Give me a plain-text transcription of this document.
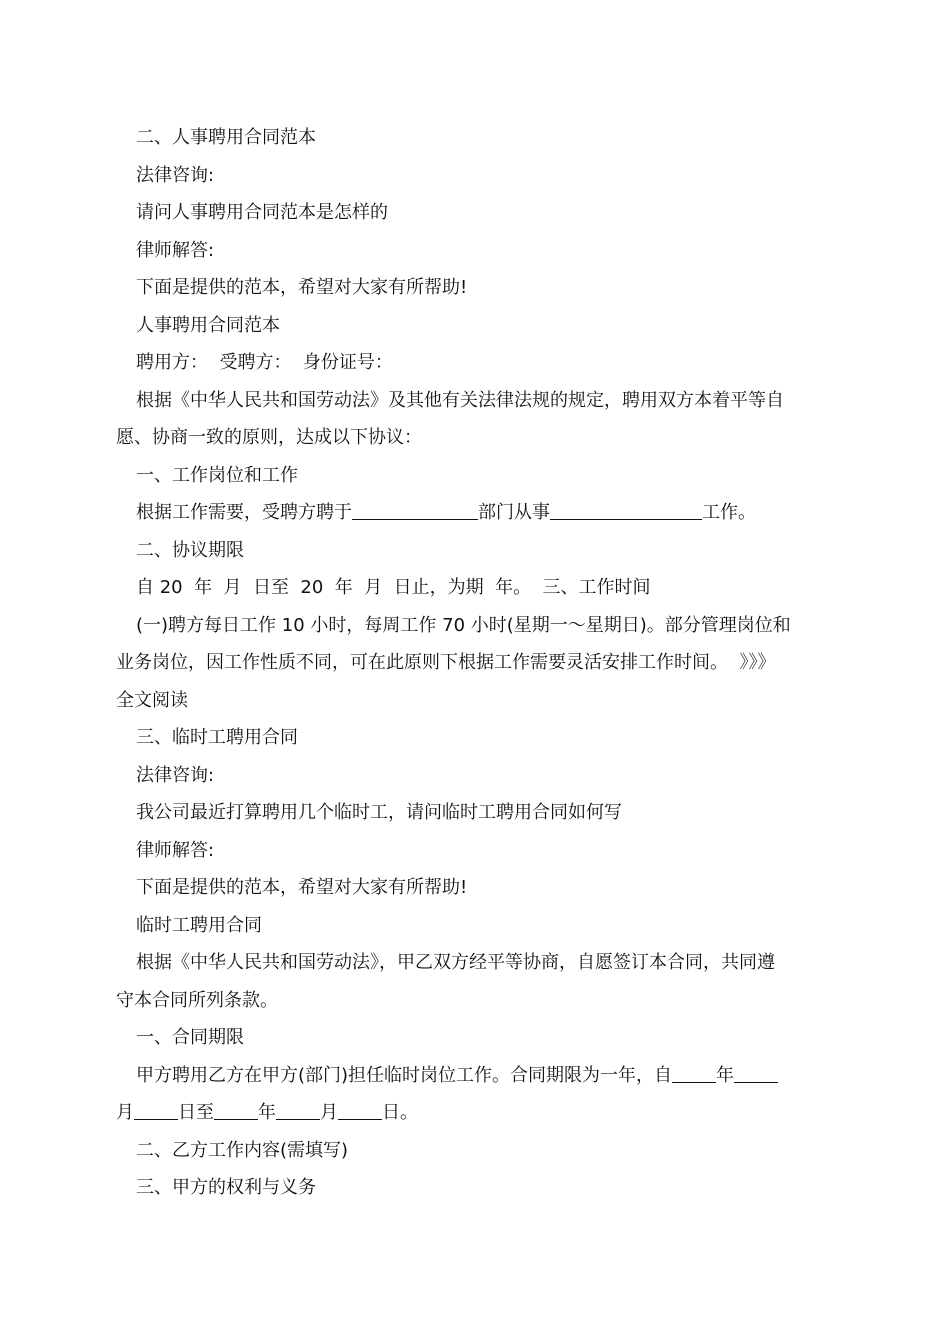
二、人事聘用合同范本

法律咨询:

请问人事聘用合同范本是怎样的

律师解答:

下面是提供的范本，希望对大家有所帮助!

人事聘用合同范本

聘用方：  受聘方：  身份证号：

根据《中华人民共和国劳动法》及其他有关法律法规的规定，聘用双方本着平等自

愿、协商一致的原则，达成以下协议：

一、工作岗位和工作

根据工作需要，受聘方聘于	部门从事	工作。

二、协议期限

自 20  年  月  日至  20  年  月  日止，为期  年。  三、工作时间

(一)聘方每日工作 10 小时，每周工作 70 小时(星期一～星期日)。部分管理岗位和

业务岗位，因工作性质不同，可在此原则下根据工作需要灵活安排工作时间。  》》》

全文阅读

三、临时工聘用合同

法律咨询:

我公司最近打算聘用几个临时工，请问临时工聘用合同如何写

律师解答:

下面是提供的范本，希望对大家有所帮助!

临时工聘用合同

根据《中华人民共和国劳动法》，甲乙双方经平等协商，自愿签订本合同，共同遵

守本合同所列条款。

一、合同期限

甲方聘用乙方在甲方(部门)担任临时岗位工作。合同期限为一年，自 年

月 日至 年 月 日。

二、乙方工作内容(需填写)

三、甲方的权利与义务
